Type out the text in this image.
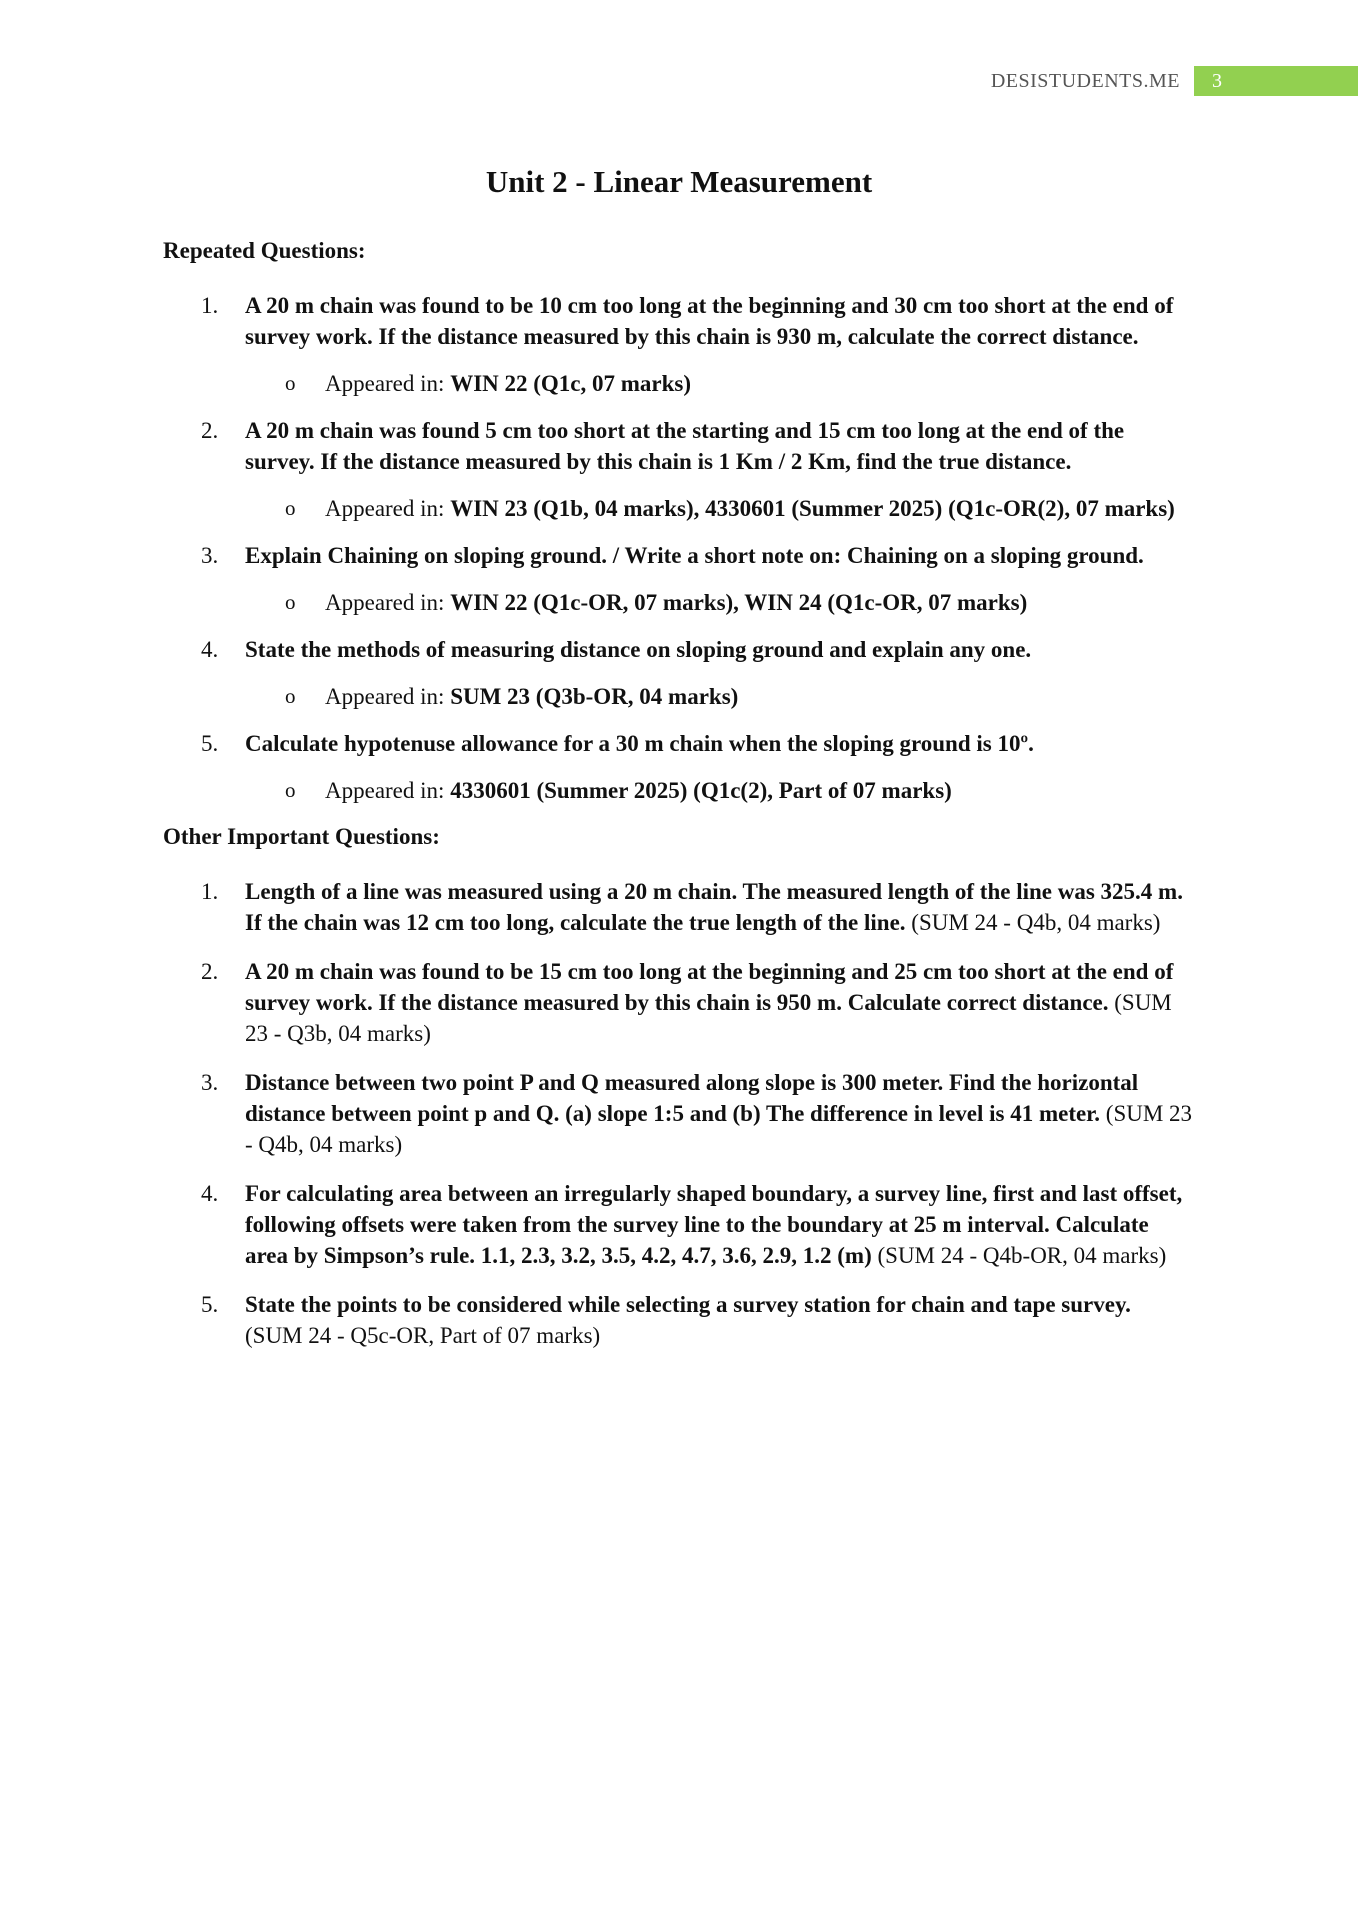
DESISTUDENTS.ME	3
Unit 2 - Linear Measurement
Repeated Questions:
1. A 20 m chain was found to be 10 cm too long at the beginning and 30 cm too short at the end of survey work. If the distance measured by this chain is 930 m, calculate the correct distance.
o Appeared in: WIN 22 (Q1c, 07 marks)
2. A 20 m chain was found 5 cm too short at the starting and 15 cm too long at the end of the survey. If the distance measured by this chain is 1 Km / 2 Km, find the true distance.
o Appeared in: WIN 23 (Q1b, 04 marks), 4330601 (Summer 2025) (Q1c-OR(2), 07 marks)
3. Explain Chaining on sloping ground. / Write a short note on: Chaining on a sloping ground.
o Appeared in: WIN 22 (Q1c-OR, 07 marks), WIN 24 (Q1c-OR, 07 marks)
4. State the methods of measuring distance on sloping ground and explain any one.
o Appeared in: SUM 23 (Q3b-OR, 04 marks)
5. Calculate hypotenuse allowance for a 30 m chain when the sloping ground is 10º.
o Appeared in: 4330601 (Summer 2025) (Q1c(2), Part of 07 marks)
Other Important Questions:
1. Length of a line was measured using a 20 m chain. The measured length of the line was 325.4 m. If the chain was 12 cm too long, calculate the true length of the line. (SUM 24 - Q4b, 04 marks)
2. A 20 m chain was found to be 15 cm too long at the beginning and 25 cm too short at the end of survey work. If the distance measured by this chain is 950 m. Calculate correct distance. (SUM 23 - Q3b, 04 marks)
3. Distance between two point P and Q measured along slope is 300 meter. Find the horizontal distance between point p and Q. (a) slope 1:5 and (b) The difference in level is 41 meter. (SUM 23 - Q4b, 04 marks)
4. For calculating area between an irregularly shaped boundary, a survey line, first and last offset, following offsets were taken from the survey line to the boundary at 25 m interval. Calculate area by Simpson’s rule. 1.1, 2.3, 3.2, 3.5, 4.2, 4.7, 3.6, 2.9, 1.2 (m) (SUM 24 - Q4b-OR, 04 marks)
5. State the points to be considered while selecting a survey station for chain and tape survey. (SUM 24 - Q5c-OR, Part of 07 marks)
